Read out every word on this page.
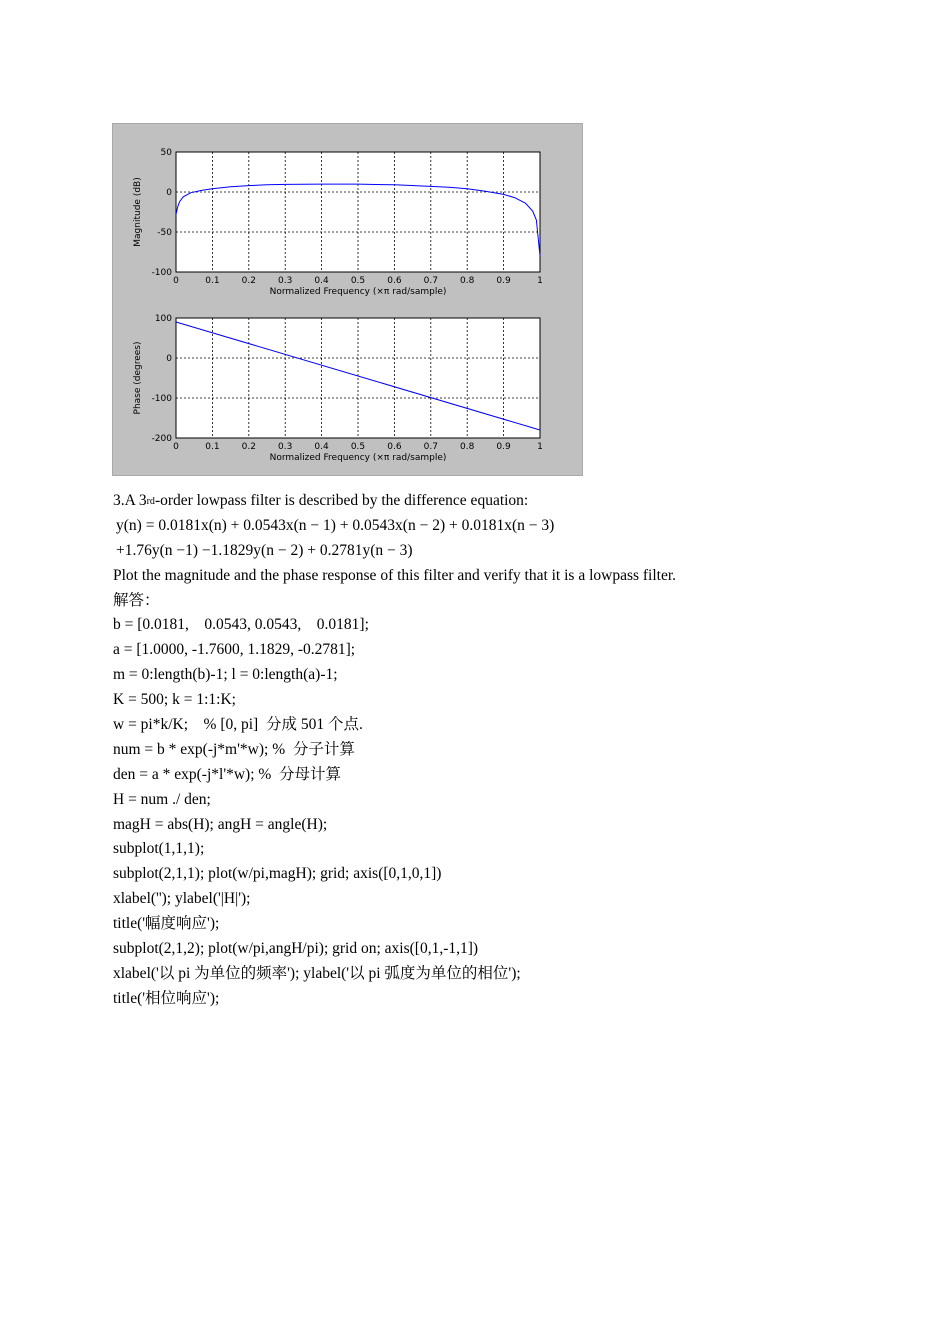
0	0.1 0.2 0.3 0.4 0.5 0.6 0.7 0.8 0.9	1
50
0
-50
-100
Normalized Frequency (×π rad/sample)
Magnitude (dB)
0	0.1 0.2 0.3 0.4 0.5 0.6 0.7 0.8 0.9	1
100
0
-100
-200
Normalized Frequency (×π rad/sample)
Phase (degrees)
3.A 3rd-order lowpass filter is described by the difference equation:
y(n) = 0.0181x(n) + 0.0543x(n − 1) + 0.0543x(n − 2) + 0.0181x(n − 3)
+1.76y(n −1) −1.1829y(n − 2) + 0.2781y(n − 3)
Plot the magnitude and the phase response of this filter and verify that it is a lowpass filter.
解答：
b = [0.0181,    0.0543, 0.0543,    0.0181];
a = [1.0000, -1.7600, 1.1829, -0.2781];
m = 0:length(b)-1; l = 0:length(a)-1;
K = 500; k = 1:1:K;
w = pi*k/K;    % [0, pi]  分成 501 个点.
num = b * exp(-j*m'*w); %  分子计算
den = a * exp(-j*l'*w); %  分母计算
H = num ./ den;
magH = abs(H); angH = angle(H);
subplot(1,1,1);
subplot(2,1,1); plot(w/pi,magH); grid; axis([0,1,0,1])
xlabel(''); ylabel('|H|');
title('幅度响应');
subplot(2,1,2); plot(w/pi,angH/pi); grid on; axis([0,1,-1,1])
xlabel('以 pi 为单位的频率'); ylabel('以 pi 弧度为单位的相位');
title('相位响应');
